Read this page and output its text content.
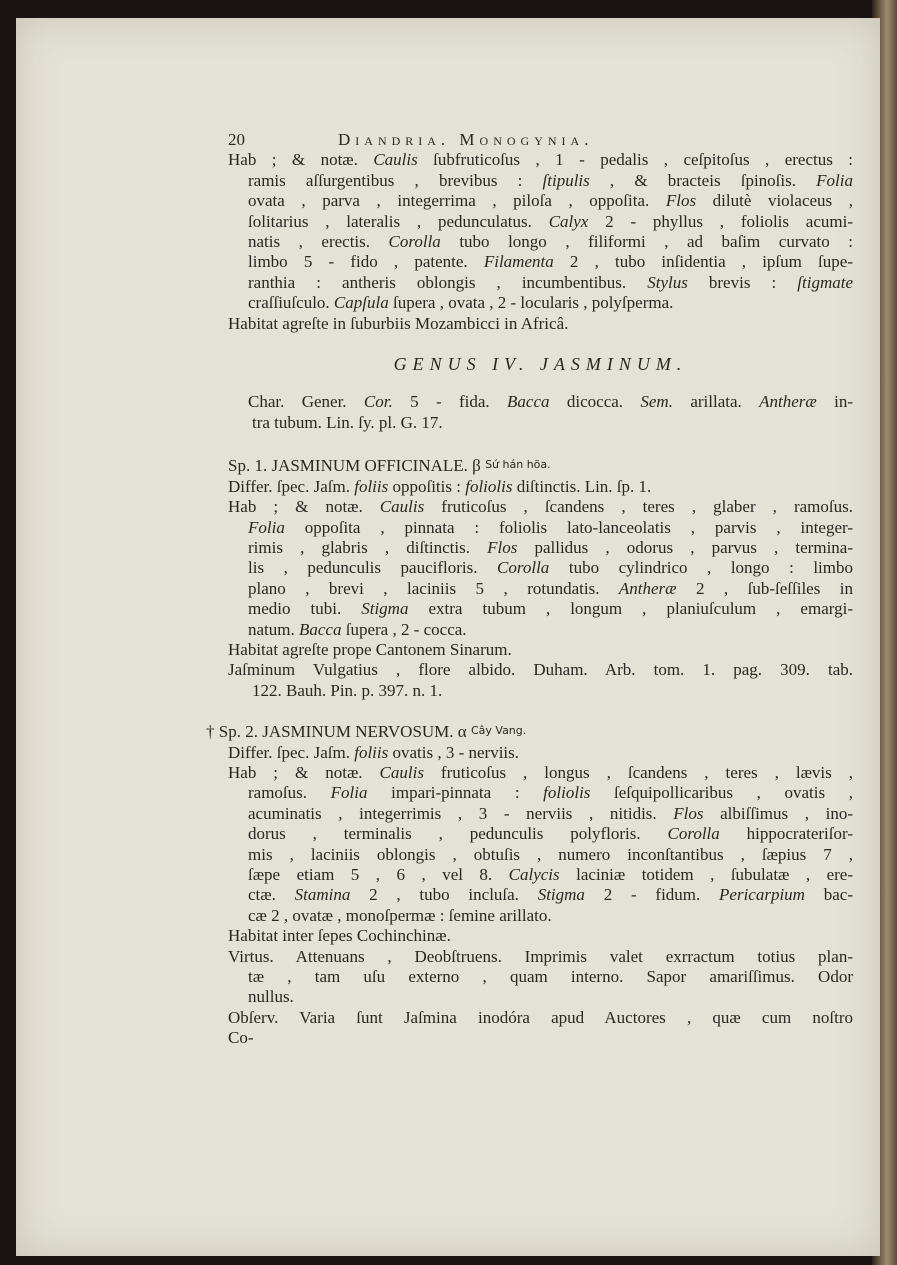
20	Diandria. Monogynia.
Hab ; & notæ. Caulis ſubfruticoſus , 1 - pedalis , ceſpitoſus , erectus :
ramis aſſurgentibus , brevibus : ſtipulis , & bracteis ſpinoſis. Folia
ovata , parva , integerrima , piloſa , oppoſita. Flos dilutè violaceus ,
ſolitarius , lateralis , pedunculatus. Calyx 2 - phyllus , foliolis acumi-
natis , erectis. Corolla tubo longo , filiformi , ad baſim curvato :
limbo 5 - fido , patente. Filamenta 2 , tubo inſidentia , ipſum ſupe-
ranthia : antheris oblongis , incumbentibus. Stylus brevis : ſtigmate
craſſiuſculo. Capſula ſupera , ovata , 2 - locularis , polyſperma.
Habitat agreſte in ſuburbiis Mozambicci in Africâ.
GENUS IV. JASMINUM.
Char. Gener. Cor. 5 - fida. Bacca dicocca. Sem. arillata. Antheræ in-
tra tubum. Lin. ſy. pl. G. 17.
Sp. 1. JASMINUM OFFICINALE. β Sứ hán hõa.
Differ. ſpec. Jaſm. foliis oppoſitis : foliolis diſtinctis. Lin. ſp. 1.
Hab ; & notæ. Caulis fruticoſus , ſcandens , teres , glaber , ramoſus.
Folia oppoſita , pinnata : foliolis lato-lanceolatis , parvis , integer-
rimis , glabris , diſtinctis. Flos pallidus , odorus , parvus , termina-
lis , pedunculis paucifloris. Corolla tubo cylindrico , longo : limbo
plano , brevi , laciniis 5 , rotundatis. Antheræ 2 , ſub-ſeſſiles in
medio tubi. Stigma extra tubum , longum , planiuſculum , emargi-
natum. Bacca ſupera , 2 - cocca.
Habitat agreſte prope Cantonem Sinarum.
Jaſminum Vulgatius , flore albido. Duham. Arb. tom. 1. pag. 309. tab.
122. Bauh. Pin. p. 397. n. 1.
† Sp. 2. JASMINUM NERVOSUM. α Cây Vang.
Differ. ſpec. Jaſm. foliis ovatis , 3 - nerviis.
Hab ; & notæ. Caulis fruticoſus , longus , ſcandens , teres , lævis ,
ramoſus. Folia impari-pinnata : foliolis ſeſquipollicaribus , ovatis ,
acuminatis , integerrimis , 3 - nerviis , nitidis. Flos albiſſimus , ino-
dorus , terminalis , pedunculis polyfloris. Corolla hippocrateriſor-
mis , laciniis oblongis , obtuſis , numero inconſtantibus , ſæpius 7 ,
ſæpe etiam 5 , 6 , vel 8. Calycis laciniæ totidem , ſubulatæ , ere-
ctæ. Stamina 2 , tubo incluſa. Stigma 2 - fidum. Pericarpium bac-
cæ 2 , ovatæ , monoſpermæ : ſemine arillato.
Habitat inter ſepes Cochinchinæ.
Virtus. Attenuans , Deobſtruens. Imprimis valet exrractum totius plan-
tæ , tam uſu externo , quam interno. Sapor amariſſimus. Odor
nullus.
Obſerv. Varia ſunt Jaſmina inodóra apud Auctores , quæ cum noſtro
Co-
